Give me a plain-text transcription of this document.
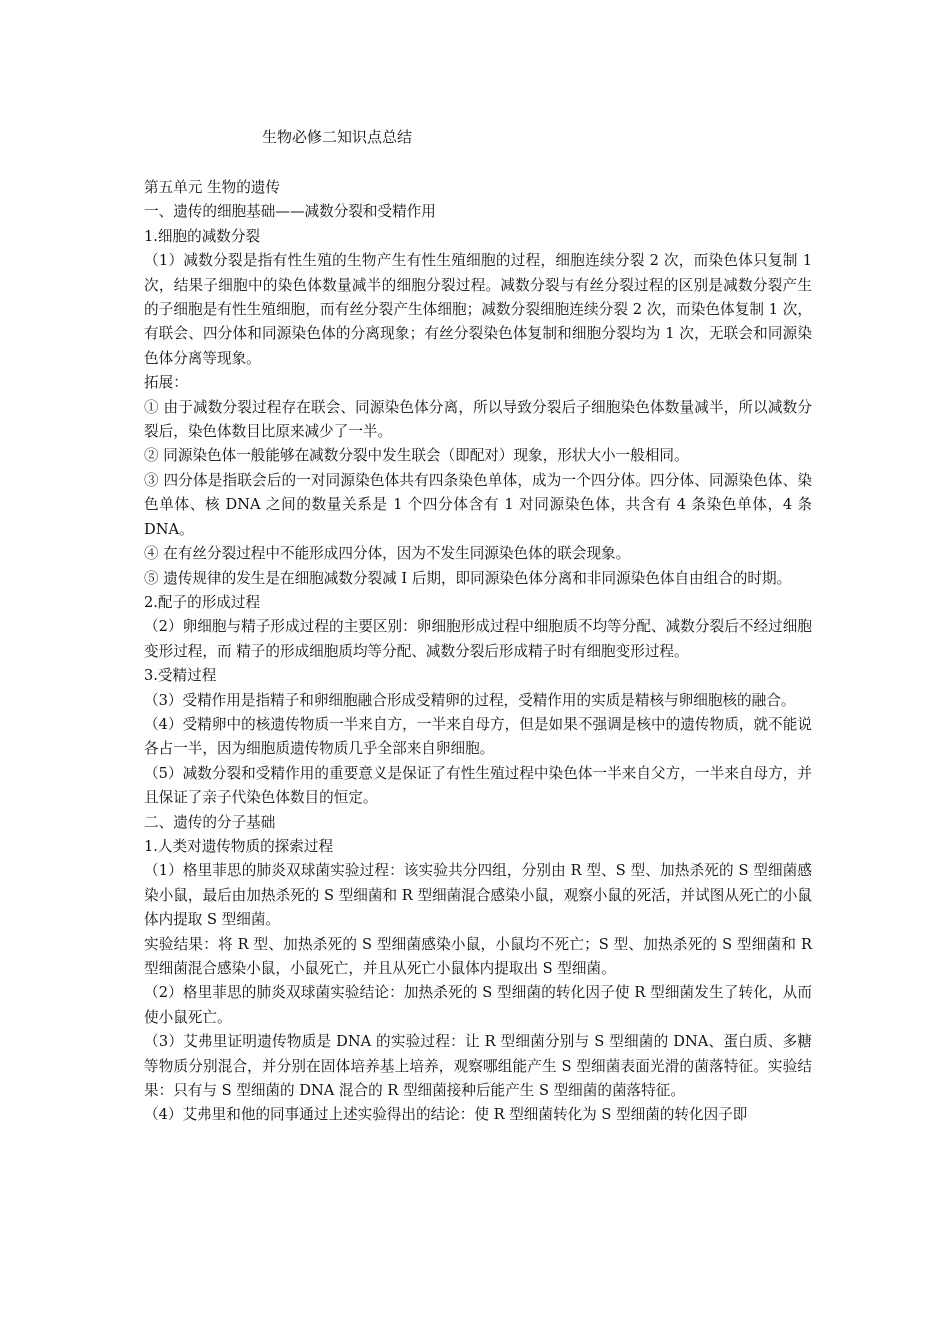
生物必修二知识点总结

第五单元 生物的遗传

一、遗传的细胞基础——减数分裂和受精作用

1.细胞的减数分裂

（1）减数分裂是指有性生殖的生物产生有性生殖细胞的过程，细胞连续分裂 2 次，而染色体只复制 1 次，结果子细胞中的染色体数量减半的细胞分裂过程。减数分裂与有丝分裂过程的区别是减数分裂产生的子细胞是有性生殖细胞，而有丝分裂产生体细胞；减数分裂细胞连续分裂 2 次，而染色体复制 1 次，有联会、四分体和同源染色体的分离现象；有丝分裂染色体复制和细胞分裂均为 1 次，无联会和同源染色体分离等现象。

拓展：

① 由于减数分裂过程存在联会、同源染色体分离，所以导致分裂后子细胞染色体数量减半，所以减数分裂后，染色体数目比原来减少了一半。

② 同源染色体一般能够在减数分裂中发生联会（即配对）现象，形状大小一般相同。

③ 四分体是指联会后的一对同源染色体共有四条染色单体，成为一个四分体。四分体、同源染色体、染色单体、核 DNA 之间的数量关系是 1 个四分体含有 1 对同源染色体，共含有 4 条染色单体，4 条 DNA。

④ 在有丝分裂过程中不能形成四分体，因为不发生同源染色体的联会现象。

⑤ 遗传规律的发生是在细胞减数分裂减 I 后期，即同源染色体分离和非同源染色体自由组合的时期。

2.配子的形成过程

（2）卵细胞与精子形成过程的主要区别：卵细胞形成过程中细胞质不均等分配、减数分裂后不经过细胞变形过程，而 精子的形成细胞质均等分配、减数分裂后形成精子时有细胞变形过程。

3.受精过程

（3）受精作用是指精子和卵细胞融合形成受精卵的过程，受精作用的实质是精核与卵细胞核的融合。

（4）受精卵中的核遗传物质一半来自方，一半来自母方，但是如果不强调是核中的遗传物质，就不能说各占一半，因为细胞质遗传物质几乎全部来自卵细胞。

（5）减数分裂和受精作用的重要意义是保证了有性生殖过程中染色体一半来自父方，一半来自母方，并且保证了亲子代染色体数目的恒定。

二、遗传的分子基础

1.人类对遗传物质的探索过程

（1）格里菲思的肺炎双球菌实验过程：该实验共分四组，分别由 R 型、S 型、加热杀死的 S 型细菌感染小鼠，最后由加热杀死的 S 型细菌和 R 型细菌混合感染小鼠，观察小鼠的死活，并试图从死亡的小鼠体内提取 S 型细菌。

实验结果：将 R 型、加热杀死的 S 型细菌感染小鼠，小鼠均不死亡；S 型、加热杀死的 S 型细菌和 R 型细菌混合感染小鼠，小鼠死亡，并且从死亡小鼠体内提取出 S 型细菌。

（2）格里菲思的肺炎双球菌实验结论：加热杀死的 S 型细菌的转化因子使 R 型细菌发生了转化，从而使小鼠死亡。

（3）艾弗里证明遗传物质是 DNA 的实验过程：让 R 型细菌分别与 S 型细菌的 DNA、蛋白质、多糖等物质分别混合，并分别在固体培养基上培养，观察哪组能产生 S 型细菌表面光滑的菌落特征。实验结果：只有与 S 型细菌的 DNA 混合的 R 型细菌接种后能产生 S 型细菌的菌落特征。

（4）艾弗里和他的同事通过上述实验得出的结论：使 R 型细菌转化为 S 型细菌的转化因子即
